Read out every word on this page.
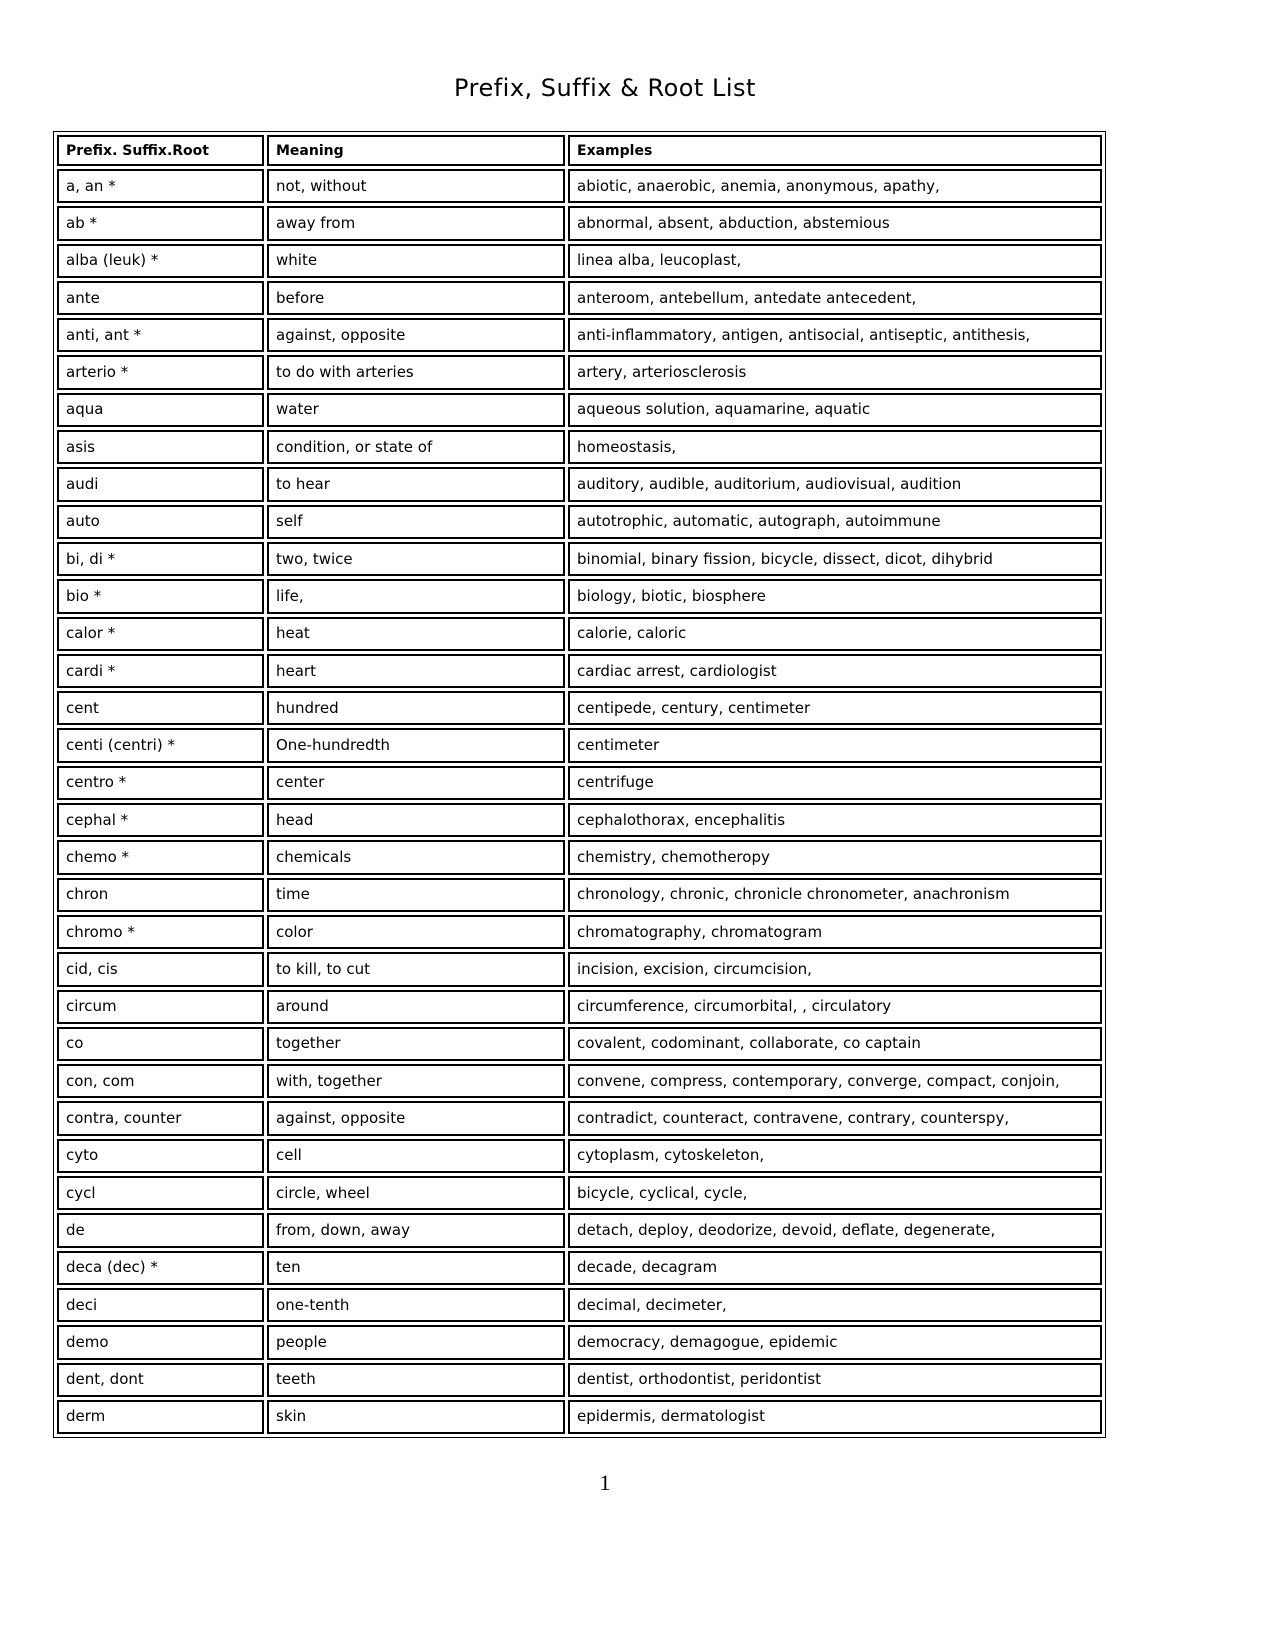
Prefix, Suffix & Root List
Prefix. Suffix.Root	Meaning	Examples
a, an *	not, without	abiotic, anaerobic, anemia, anonymous, apathy,
ab *	away from	abnormal, absent, abduction, abstemious
alba (leuk) *	white	linea alba, leucoplast,
ante	before	anteroom, antebellum, antedate antecedent,
anti, ant *	against, opposite	anti-inflammatory, antigen, antisocial, antiseptic, antithesis,
arterio *	to do with arteries	artery, arteriosclerosis
aqua	water	aqueous solution, aquamarine, aquatic
asis	condition, or state of	homeostasis,
audi	to hear	auditory, audible, auditorium, audiovisual, audition
auto	self	autotrophic, automatic, autograph, autoimmune
bi, di *	two, twice	binomial, binary fission, bicycle, dissect, dicot, dihybrid
bio *	life,	biology, biotic, biosphere
calor *	heat	calorie, caloric
cardi *	heart	cardiac arrest, cardiologist
cent	hundred	centipede, century, centimeter
centi (centri) *	One-hundredth	centimeter
centro *	center	centrifuge
cephal *	head	cephalothorax, encephalitis
chemo *	chemicals	chemistry, chemotheropy
chron	time	chronology, chronic, chronicle chronometer, anachronism
chromo *	color	chromatography, chromatogram
cid, cis	to kill, to cut	incision, excision, circumcision,
circum	around	circumference, circumorbital, , circulatory
co	together	covalent, codominant, collaborate, co captain
con, com	with, together	convene, compress, contemporary, converge, compact, conjoin,
contra, counter	against, opposite	contradict, counteract, contravene, contrary, counterspy,
cyto	cell	cytoplasm, cytoskeleton,
cycl	circle, wheel	bicycle, cyclical, cycle,
de	from, down, away	detach, deploy, deodorize, devoid, deflate, degenerate,
deca (dec) *	ten	decade, decagram
deci	one-tenth	decimal, decimeter,
demo	people	democracy, demagogue, epidemic
dent, dont	teeth	dentist, orthodontist, peridontist
derm	skin	epidermis, dermatologist
1
